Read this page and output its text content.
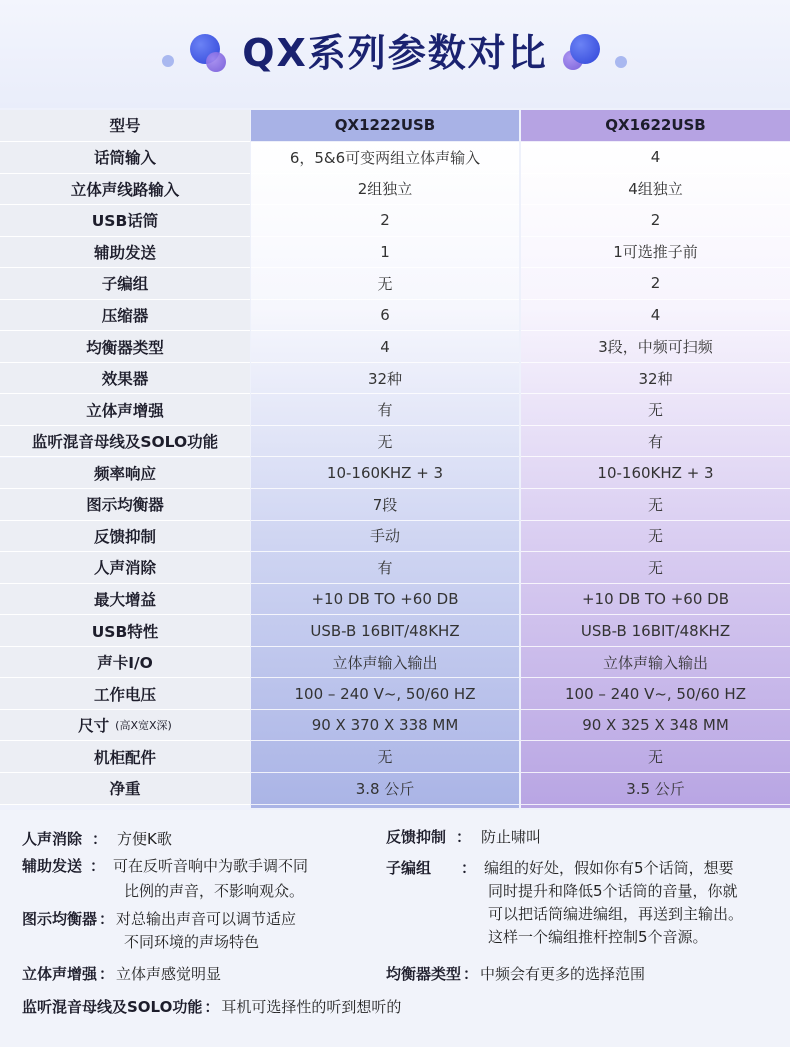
QX系列参数对比
型号	QX1222USB	QX1622USB
话筒输入	6，5&6可变两组立体声输入	4
立体声线路输入	2组独立	4组独立
USB话筒	2	2
辅助发送	1	1可选推子前
子编组	无	2
压缩器	6	4
均衡器类型	4	3段，中频可扫频
效果器	32种	32种
立体声增强	有	无
监听混音母线及SOLO功能	无	有
频率响应	10-160KHZ + 3	10-160KHZ + 3
图示均衡器	7段	无
反馈抑制	手动	无
人声消除	有	无
最大增益	+10 DB TO +60 DB	+10 DB TO +60 DB
USB特性	USB-B 16BIT/48KHZ	USB-B 16BIT/48KHZ
声卡I/O	立体声输入输出	立体声输入输出
工作电压	100 – 240 V~, 50/60 HZ	100 – 240 V~, 50/60 HZ
尺寸 (高X宽X深)	90 X 370 X 338 MM	90 X 325 X 348 MM
机柜配件	无	无
净重	3.8 公斤	3.5 公斤
人声消除 ： 方便K歌	反馈抑制 ： 防止啸叫
辅助发送 ： 可在反听音响中为歌手调不同
比例的声音，不影响观众。
子编组 ： 编组的好处，假如你有5个话筒，想要
同时提升和降低5个话筒的音量，你就
可以把话筒编进编组，再送到主输出。
这样一个编组推杆控制5个音源。
图示均衡器 ： 对总输出声音可以调节适应
不同环境的声场特色
立体声增强 ： 立体声感觉明显	均衡器类型 ： 中频会有更多的选择范围
监听混音母线及SOLO功能 ： 耳机可选择性的听到想听的
